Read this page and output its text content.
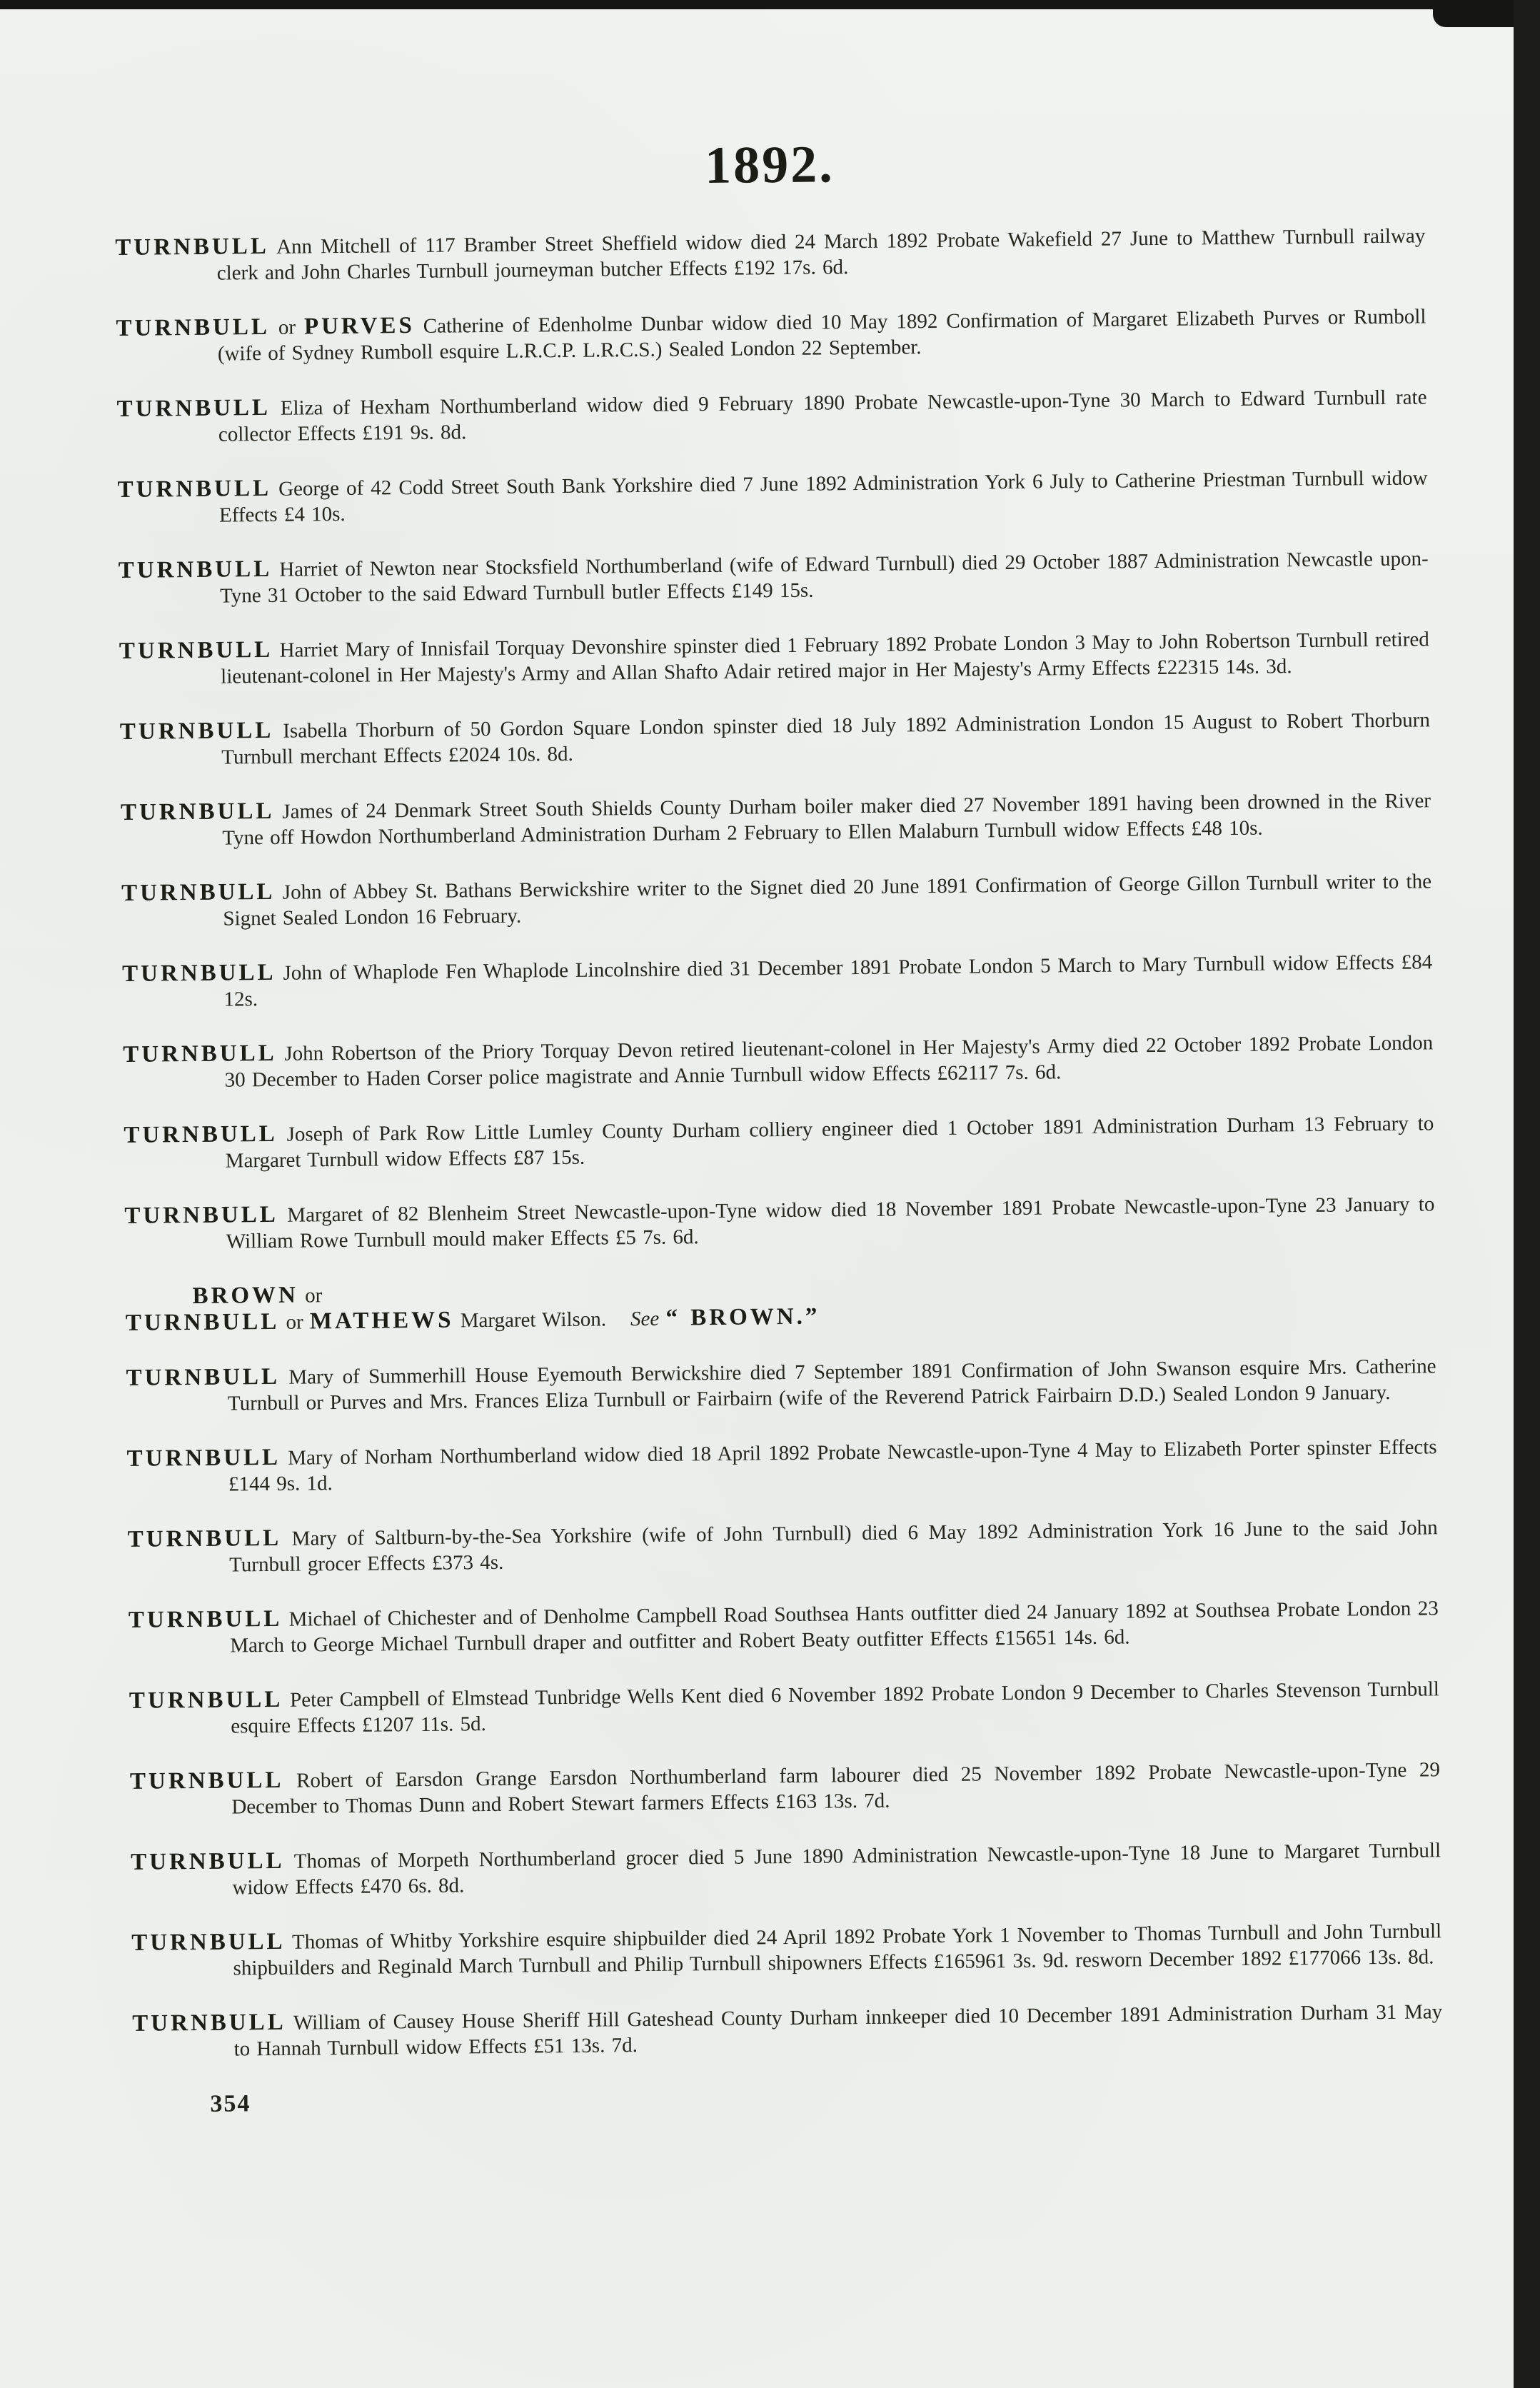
1892.

TURNBULL Ann Mitchell of 117 Bramber Street Sheffield widow died 24 March 1892 Probate Wakefield 27 June to Matthew Turnbull railway clerk and John Charles Turnbull journeyman butcher Effects £192 17s. 6d.

TURNBULL or PURVES Catherine of Edenholme Dunbar widow died 10 May 1892 Confirmation of Margaret Elizabeth Purves or Rumboll (wife of Sydney Rumboll esquire L.R.C.P. L.R.C.S.) Sealed London 22 September.

TURNBULL Eliza of Hexham Northumberland widow died 9 February 1890 Probate Newcastle-upon-Tyne 30 March to Edward Turnbull rate collector Effects £191 9s. 8d.

TURNBULL George of 42 Codd Street South Bank Yorkshire died 7 June 1892 Administration York 6 July to Catherine Priestman Turnbull widow Effects £4 10s.

TURNBULL Harriet of Newton near Stocksfield Northumberland (wife of Edward Turnbull) died 29 October 1887 Administration Newcastle upon-Tyne 31 October to the said Edward Turnbull butler Effects £149 15s.

TURNBULL Harriet Mary of Innisfail Torquay Devonshire spinster died 1 February 1892 Probate London 3 May to John Robertson Turnbull retired lieutenant-colonel in Her Majesty's Army and Allan Shafto Adair retired major in Her Majesty's Army Effects £22315 14s. 3d.

TURNBULL Isabella Thorburn of 50 Gordon Square London spinster died 18 July 1892 Administration London 15 August to Robert Thorburn Turnbull merchant Effects £2024 10s. 8d.

TURNBULL James of 24 Denmark Street South Shields County Durham boiler maker died 27 November 1891 having been drowned in the River Tyne off Howdon Northumberland Administration Durham 2 February to Ellen Malaburn Turnbull widow Effects £48 10s.

TURNBULL John of Abbey St. Bathans Berwickshire writer to the Signet died 20 June 1891 Confirmation of George Gillon Turnbull writer to the Signet Sealed London 16 February.

TURNBULL John of Whaplode Fen Whaplode Lincolnshire died 31 December 1891 Probate London 5 March to Mary Turnbull widow Effects £84 12s.

TURNBULL John Robertson of the Priory Torquay Devon retired lieutenant-colonel in Her Majesty's Army died 22 October 1892 Probate London 30 December to Haden Corser police magistrate and Annie Turnbull widow Effects £62117 7s. 6d.

TURNBULL Joseph of Park Row Little Lumley County Durham colliery engineer died 1 October 1891 Administration Durham 13 February to Margaret Turnbull widow Effects £87 15s.

TURNBULL Margaret of 82 Blenheim Street Newcastle-upon-Tyne widow died 18 November 1891 Probate Newcastle-upon-Tyne 23 January to William Rowe Turnbull mould maker Effects £5 7s. 6d.

BROWN or
TURNBULL or MATHEWS Margaret Wilson. See “ BROWN.”

TURNBULL Mary of Summerhill House Eyemouth Berwickshire died 7 September 1891 Confirmation of John Swanson esquire Mrs. Catherine Turnbull or Purves and Mrs. Frances Eliza Turnbull or Fairbairn (wife of the Reverend Patrick Fairbairn D.D.) Sealed London 9 January.

TURNBULL Mary of Norham Northumberland widow died 18 April 1892 Probate Newcastle-upon-Tyne 4 May to Elizabeth Porter spinster Effects £144 9s. 1d.

TURNBULL Mary of Saltburn-by-the-Sea Yorkshire (wife of John Turnbull) died 6 May 1892 Administration York 16 June to the said John Turnbull grocer Effects £373 4s.

TURNBULL Michael of Chichester and of Denholme Campbell Road Southsea Hants outfitter died 24 January 1892 at Southsea Probate London 23 March to George Michael Turnbull draper and outfitter and Robert Beaty outfitter Effects £15651 14s. 6d.

TURNBULL Peter Campbell of Elmstead Tunbridge Wells Kent died 6 November 1892 Probate London 9 December to Charles Stevenson Turnbull esquire Effects £1207 11s. 5d.

TURNBULL Robert of Earsdon Grange Earsdon Northumberland farm labourer died 25 November 1892 Probate Newcastle-upon-Tyne 29 December to Thomas Dunn and Robert Stewart farmers Effects £163 13s. 7d.

TURNBULL Thomas of Morpeth Northumberland grocer died 5 June 1890 Administration Newcastle-upon-Tyne 18 June to Margaret Turnbull widow Effects £470 6s. 8d.

TURNBULL Thomas of Whitby Yorkshire esquire shipbuilder died 24 April 1892 Probate York 1 November to Thomas Turnbull and John Turnbull shipbuilders and Reginald March Turnbull and Philip Turnbull shipowners Effects £165961 3s. 9d. resworn December 1892 £177066 13s. 8d.

TURNBULL William of Causey House Sheriff Hill Gateshead County Durham innkeeper died 10 December 1891 Administration Durham 31 May to Hannah Turnbull widow Effects £51 13s. 7d.

354
